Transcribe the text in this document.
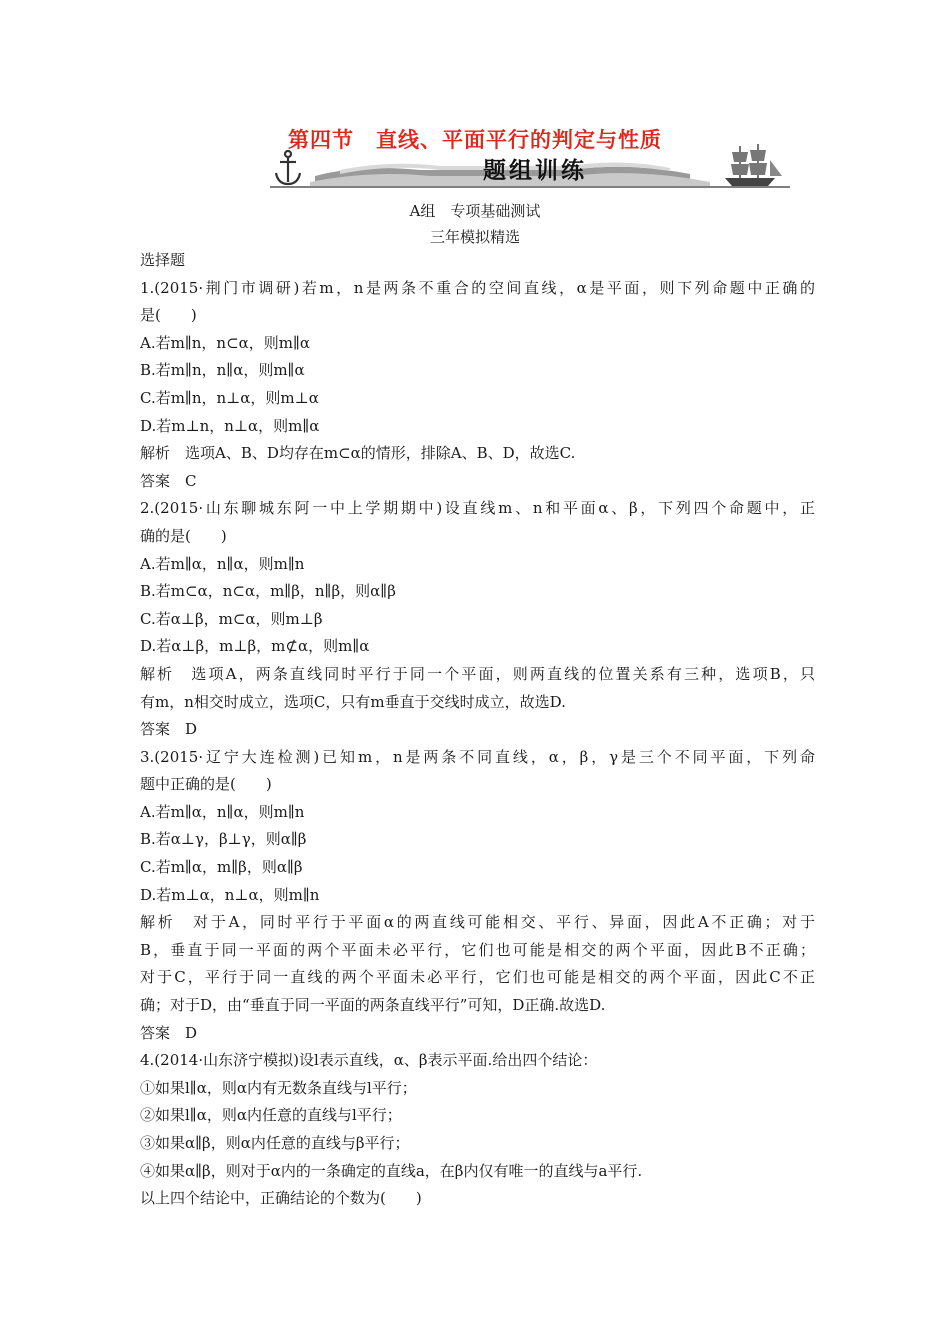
第四节　直线、平面平行的判定与性质
题组训练
A组　专项基础测试
三年模拟精选
选择题
1.(2015·荆门市调研)若m，n是两条不重合的空间直线，α是平面，则下列命题中正确的
是(　　)
A.若m∥n，n⊂α，则m∥α
B.若m∥n，n∥α，则m∥α
C.若m∥n，n⊥α，则m⊥α
D.若m⊥n，n⊥α，则m∥α
解析　选项A、B、D均存在m⊂α的情形，排除A、B、D，故选C.
答案　C
2.(2015·山东聊城东阿一中上学期期中)设直线m、n和平面α、β，下列四个命题中，正
确的是(　　)
A.若m∥α，n∥α，则m∥n
B.若m⊂α，n⊂α，m∥β，n∥β，则α∥β
C.若α⊥β，m⊂α，则m⊥β
D.若α⊥β，m⊥β，m⊄α，则m∥α
解析　选项A，两条直线同时平行于同一个平面，则两直线的位置关系有三种，选项B，只
有m，n相交时成立，选项C，只有m垂直于交线时成立，故选D.
答案　D
3.(2015·辽宁大连检测)已知m，n是两条不同直线，α，β，γ是三个不同平面，下列命
题中正确的是(　　)
A.若m∥α，n∥α，则m∥n
B.若α⊥γ，β⊥γ，则α∥β
C.若m∥α，m∥β，则α∥β
D.若m⊥α，n⊥α，则m∥n
解析　对于A，同时平行于平面α的两直线可能相交、平行、异面，因此A不正确；对于
B，垂直于同一平面的两个平面未必平行，它们也可能是相交的两个平面，因此B不正确；
对于C，平行于同一直线的两个平面未必平行，它们也可能是相交的两个平面，因此C不正
确；对于D，由“垂直于同一平面的两条直线平行”可知，D正确.故选D.
答案　D
4.(2014·山东济宁模拟)设l表示直线，α、β表示平面.给出四个结论：
①如果l∥α，则α内有无数条直线与l平行；
②如果l∥α，则α内任意的直线与l平行；
③如果α∥β，则α内任意的直线与β平行；
④如果α∥β，则对于α内的一条确定的直线a，在β内仅有唯一的直线与a平行.
以上四个结论中，正确结论的个数为(　　)
